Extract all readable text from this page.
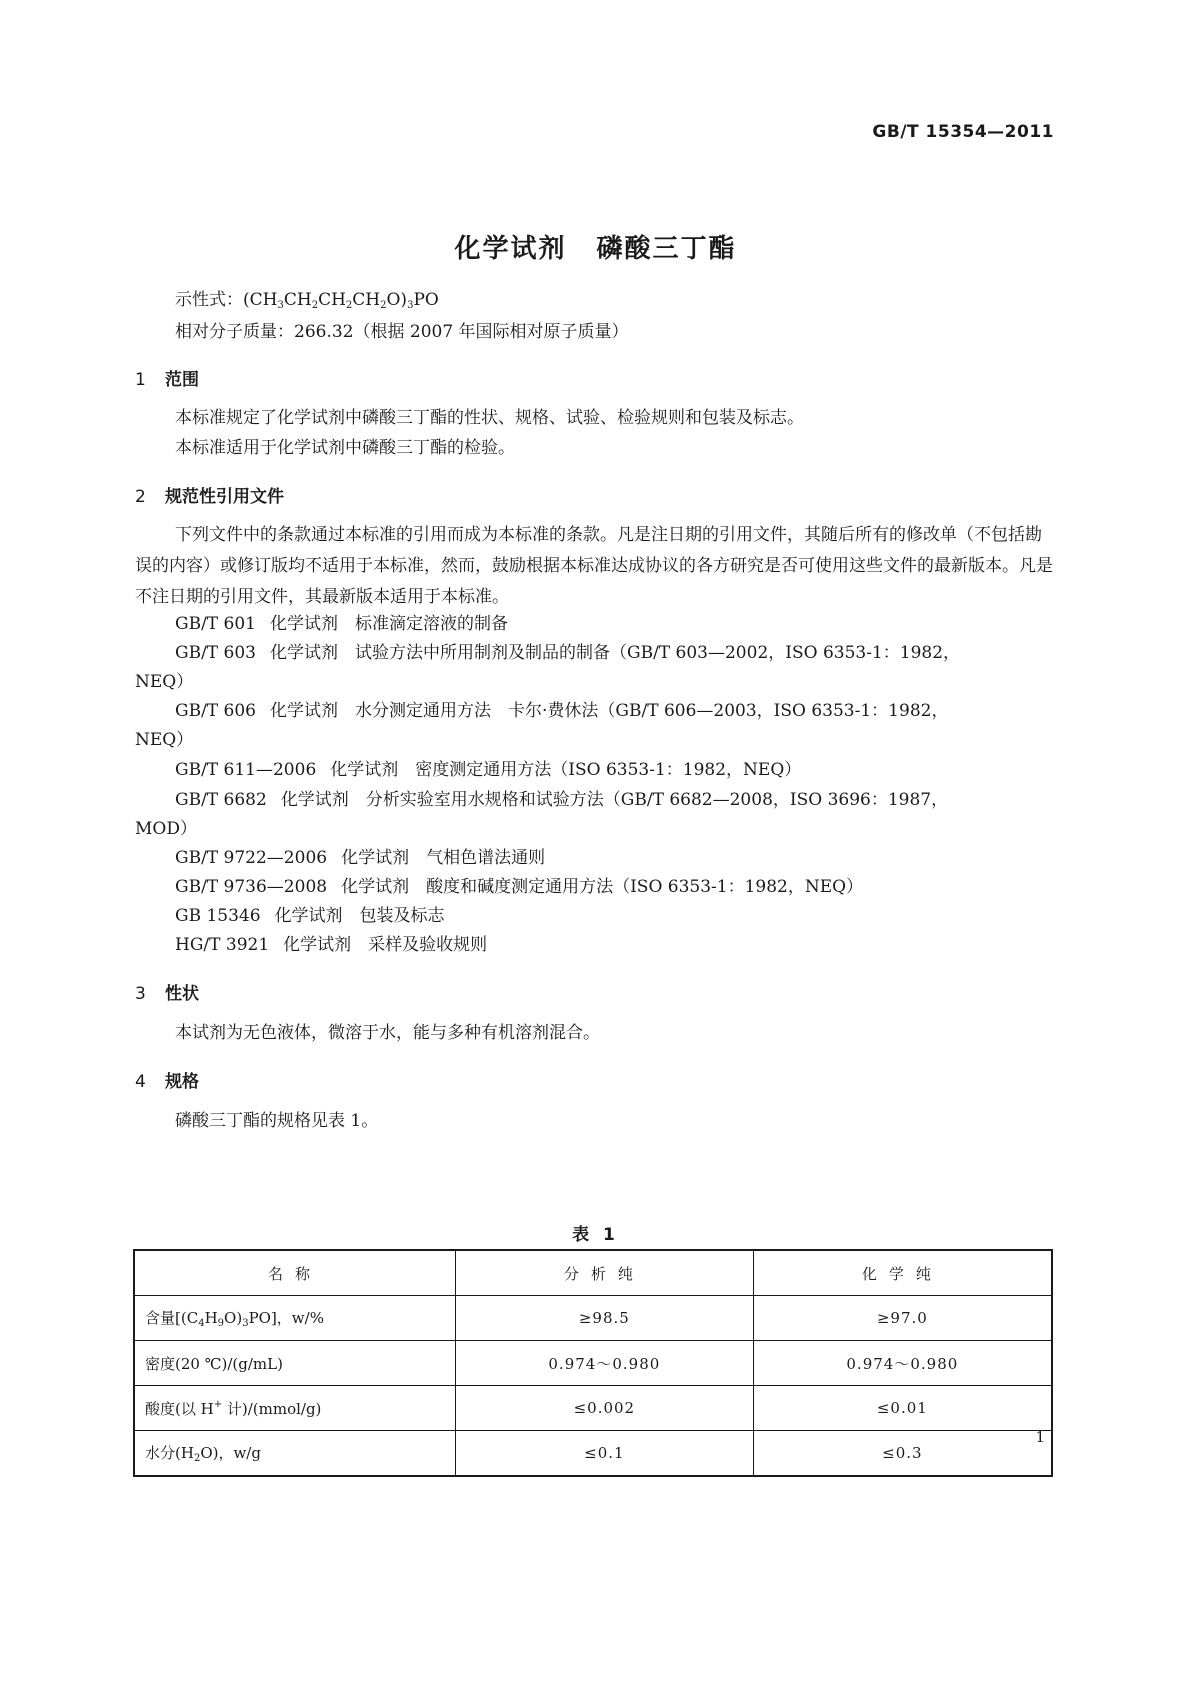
GB/T 15354—2011
化学试剂 磷酸三丁酯
示性式：$(CH_3CH_2CH_2CH_2O)_3PO$
相对分子质量：266.32（根据 2007 年国际相对原子质量）
1 范围
本标准规定了化学试剂中磷酸三丁酯的性状、规格、试验、检验规则和包装及标志。
本标准适用于化学试剂中磷酸三丁酯的检验。
2 规范性引用文件
下列文件中的条款通过本标准的引用而成为本标准的条款。凡是注日期的引用文件，其随后所有的修改单（不包括勘误的内容）或修订版均不适用于本标准，然而，鼓励根据本标准达成协议的各方研究是否可使用这些文件的最新版本。凡是不注日期的引用文件，其最新版本适用于本标准。
GB/T 601 化学试剂　标准滴定溶液的制备
GB/T 603 化学试剂　试验方法中所用制剂及制品的制备（GB/T 603—2002，ISO 6353-1：1982，
NEQ）
GB/T 606 化学试剂　水分测定通用方法　卡尔·费休法（GB/T 606—2003，ISO 6353-1：1982，
NEQ）
GB/T 611—2006 化学试剂　密度测定通用方法（ISO 6353-1：1982，NEQ）
GB/T 6682 化学试剂　分析实验室用水规格和试验方法（GB/T 6682—2008，ISO 3696：1987，
MOD）
GB/T 9722—2006 化学试剂　气相色谱法通则
GB/T 9736—2008 化学试剂　酸度和碱度测定通用方法（ISO 6353-1：1982，NEQ）
GB 15346 化学试剂　包装及标志
HG/T 3921 化学试剂　采样及验收规则
3 性状
本试剂为无色液体，微溶于水，能与多种有机溶剂混合。
4 规格
磷酸三丁酯的规格见表 1。
表 1
名称	分析纯	化学纯
含量$[(C_4H_9O)_3PO]$，w/%	≥98.5	≥97.0
密度(20 ℃)/(g/mL)	0.974～0.980	0.974～0.980
酸度(以 H+ 计)/(mmol/g)	≤0.002	≤0.01
水分$(H_2O)$，w/g	≤0.1	≤0.3
1
